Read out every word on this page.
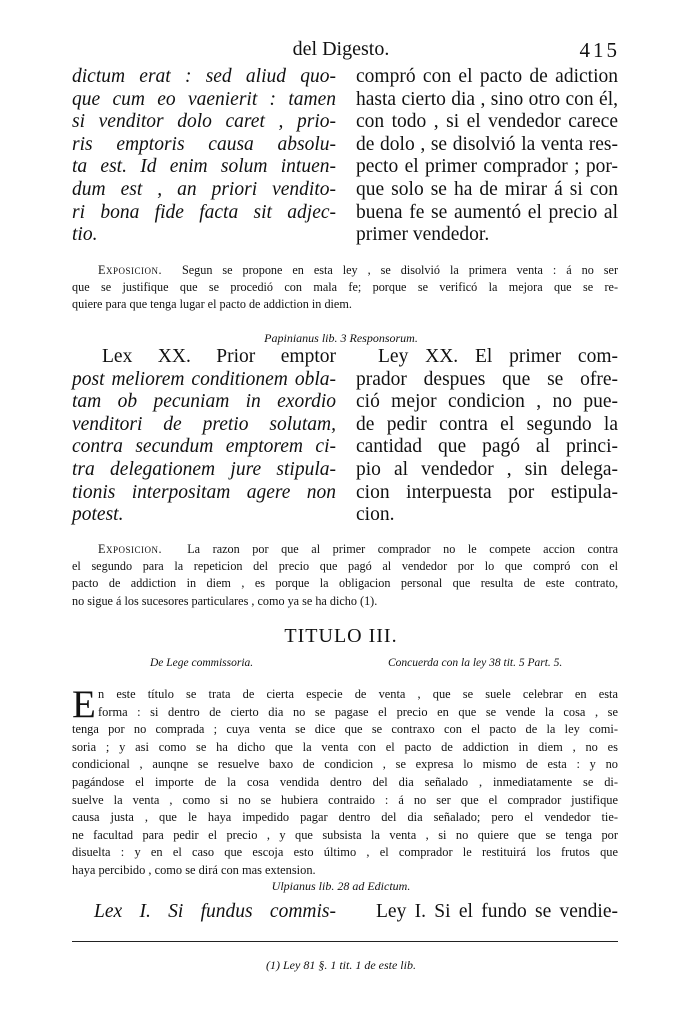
del Digesto.	415
dictum erat : sed aliud quo-
que cum eo vaenierit : tamen
si venditor dolo caret , prio-
ris emptoris causa absolu-
ta est. Id enim solum intuen-
dum est , an priori vendito-
ri bona fide facta sit adjec-
tio.
compró con el pacto de adiction
hasta cierto dia , sino otro con él,
con todo , si el vendedor carece
de dolo , se disolvió la venta res-
pecto el primer comprador ; por-
que solo se ha de mirar á si con
buena fe se aumentó el precio al
primer vendedor.
Exposicion. Segun se propone en esta ley , se disolvió la primera venta : á no ser
que se justifique que se procedió con mala fe; porque se verificó la mejora que se re-
quiere para que tenga lugar el pacto de addiction in diem.
Papinianus lib. 3 Responsorum.
Lex XX. Prior emptor
post meliorem conditionem obla-
tam ob pecuniam in exordio
venditori de pretio solutam,
contra secundum emptorem ci-
tra delegationem jure stipula-
tionis interpositam agere non
potest.
Ley XX. El primer com-
prador despues que se ofre-
ció mejor condicion , no pue-
de pedir contra el segundo la
cantidad que pagó al princi-
pio al vendedor , sin delega-
cion interpuesta por estipula-
cion.
Exposicion. La razon por que al primer comprador no le compete accion contra
el segundo para la repeticion del precio que pagó al vendedor por lo que compró con el
pacto de addiction in diem , es porque la obligacion personal que resulta de este contrato,
no sigue á los sucesores particulares , como ya se ha dicho (1).
TITULO III.
De Lege commissoria.	Concuerda con la ley 38 tit. 5 Part. 5.
E n este título se trata de cierta especie de venta , que se suele celebrar en esta
forma : si dentro de cierto dia no se pagase el precio en que se vende la cosa , se
tenga por no comprada ; cuya venta se dice que se contraxo con el pacto de la ley comi-
soria ; y asi como se ha dicho que la venta con el pacto de addiction in diem , no es
condicional , aunqne se resuelve baxo de condicion , se expresa lo mismo de esta : y no
pagándose el importe de la cosa vendida dentro del dia señalado , inmediatamente se di-
suelve la venta , como si no se hubiera contraido : á no ser que el comprador justifique
causa justa , que le haya impedido pagar dentro del dia señalado; pero el vendedor tie-
ne facultad para pedir el precio , y que subsista la venta , si no quiere que se tenga por
disuelta : y en el caso que escoja esto último , el comprador le restituirá los frutos que
haya percibido , como se dirá con mas extension.
Ulpianus lib. 28 ad Edictum.
Lex I. Si fundus commis- Ley I. Si el fundo se vendie-
(1) Ley 81 §. 1 tit. 1 de este lib.
